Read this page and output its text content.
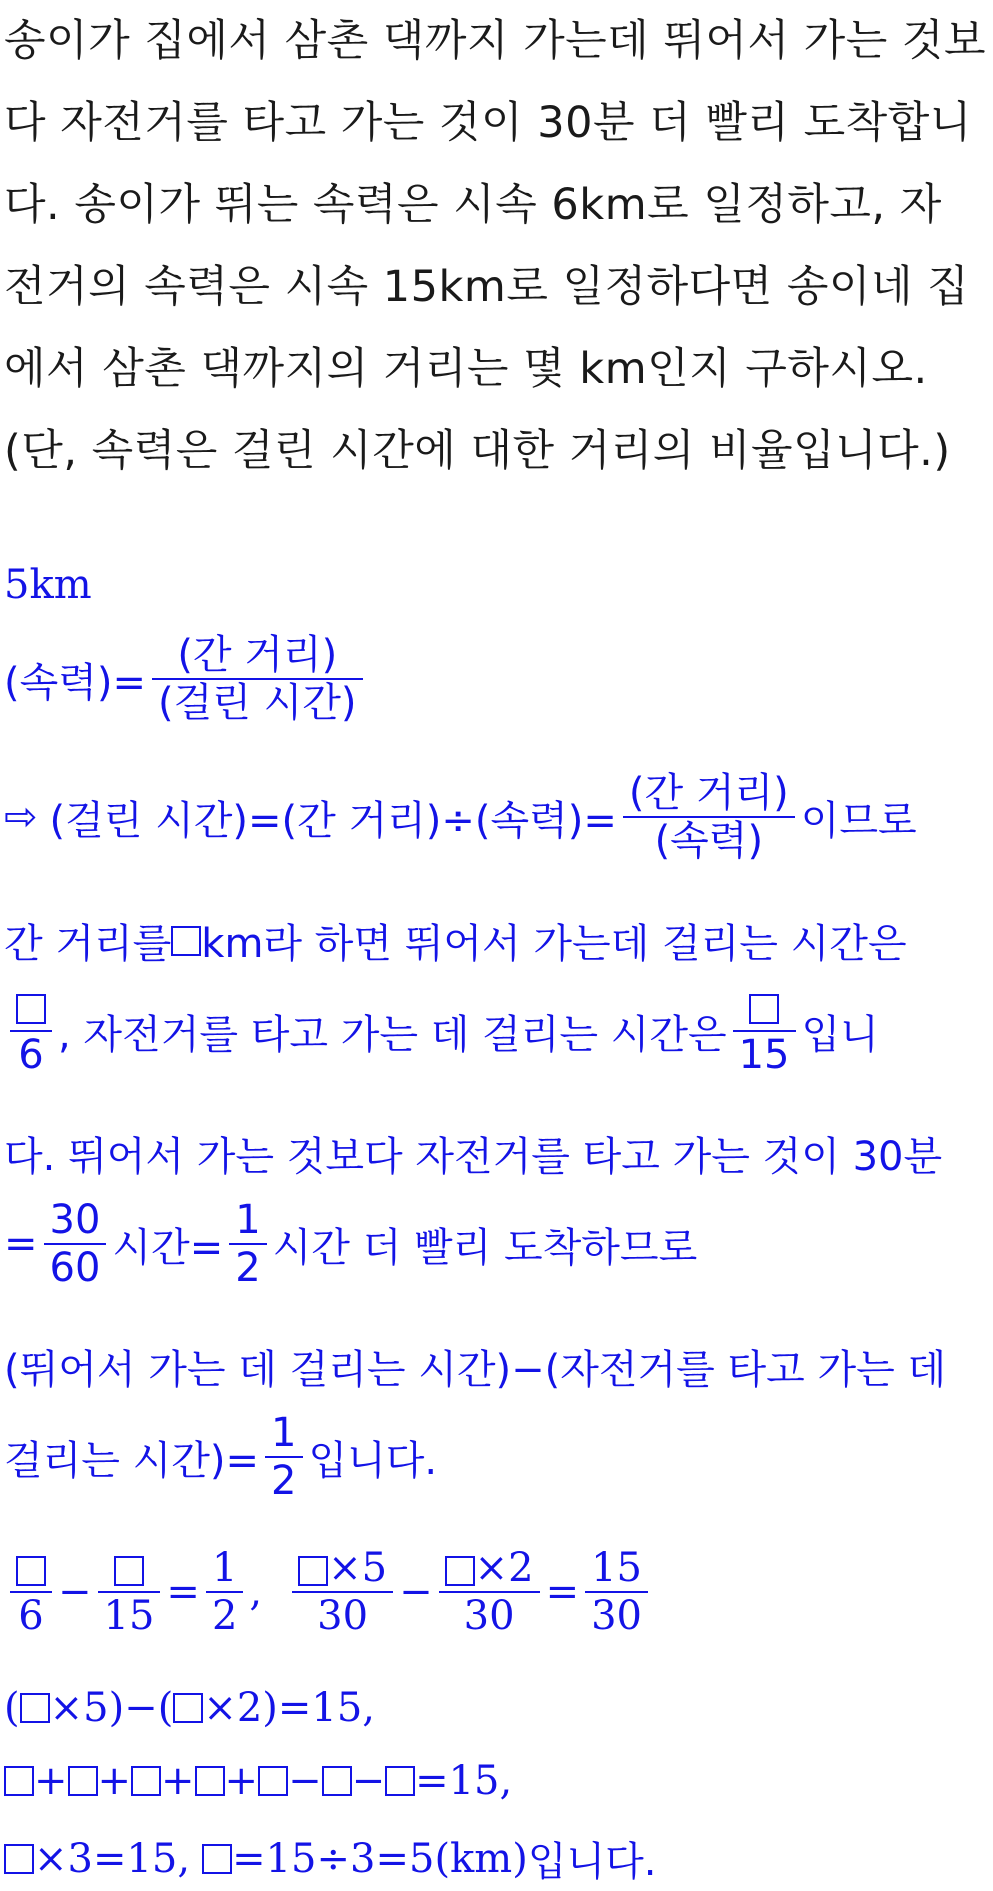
송이가 집에서 삼촌 댁까지 가는데 뛰어서 가는 것보
다 자전거를 타고 가는 것이 30분 더 빨리 도착합니
다. 송이가 뛰는 속력은 시속 6km로 일정하고, 자
전거의 속력은 시속 15km로 일정하다면 송이네 집
에서 삼촌 댁까지의 거리는 몇 km인지 구하시오.
(단, 속력은 걸린 시간에 대한 거리의 비율입니다.)
5km
(속력)= $\frac{\text{(간 거리)}}{\text{(걸린 시간)}}$
⇨ (걸린 시간)=(간 거리)÷(속력)= $\frac{\text{(간 거리)}}{\text{(속력)}}$ 이므로
간 거리를 km라 하면 뛰어서 가는데 걸리는 시간은
6 , 자전거를 타고 가는 데 걸리는 시간은 15 입니
다. 뛰어서 가는 것보다 자전거를 타고 가는 것이 30분
= $\frac{30}{60}$ 시간= $\frac{1}{2}$ 시간 더 빨리 도착하므로
(뛰어서 가는 데 걸리는 시간)−(자전거를 타고 가는 데
걸리는 시간)= $\frac{1}{2}$ 입니다.
6
−
15
= $\frac{1}{2}$ , $\frac{\times 5}{30} - \frac{\times 2}{30} = \frac{15}{30}$
( ×5)−( ×2)=15,
+ + + + − − =15,
×3=15, =15÷3=5 (km) 입니다.
